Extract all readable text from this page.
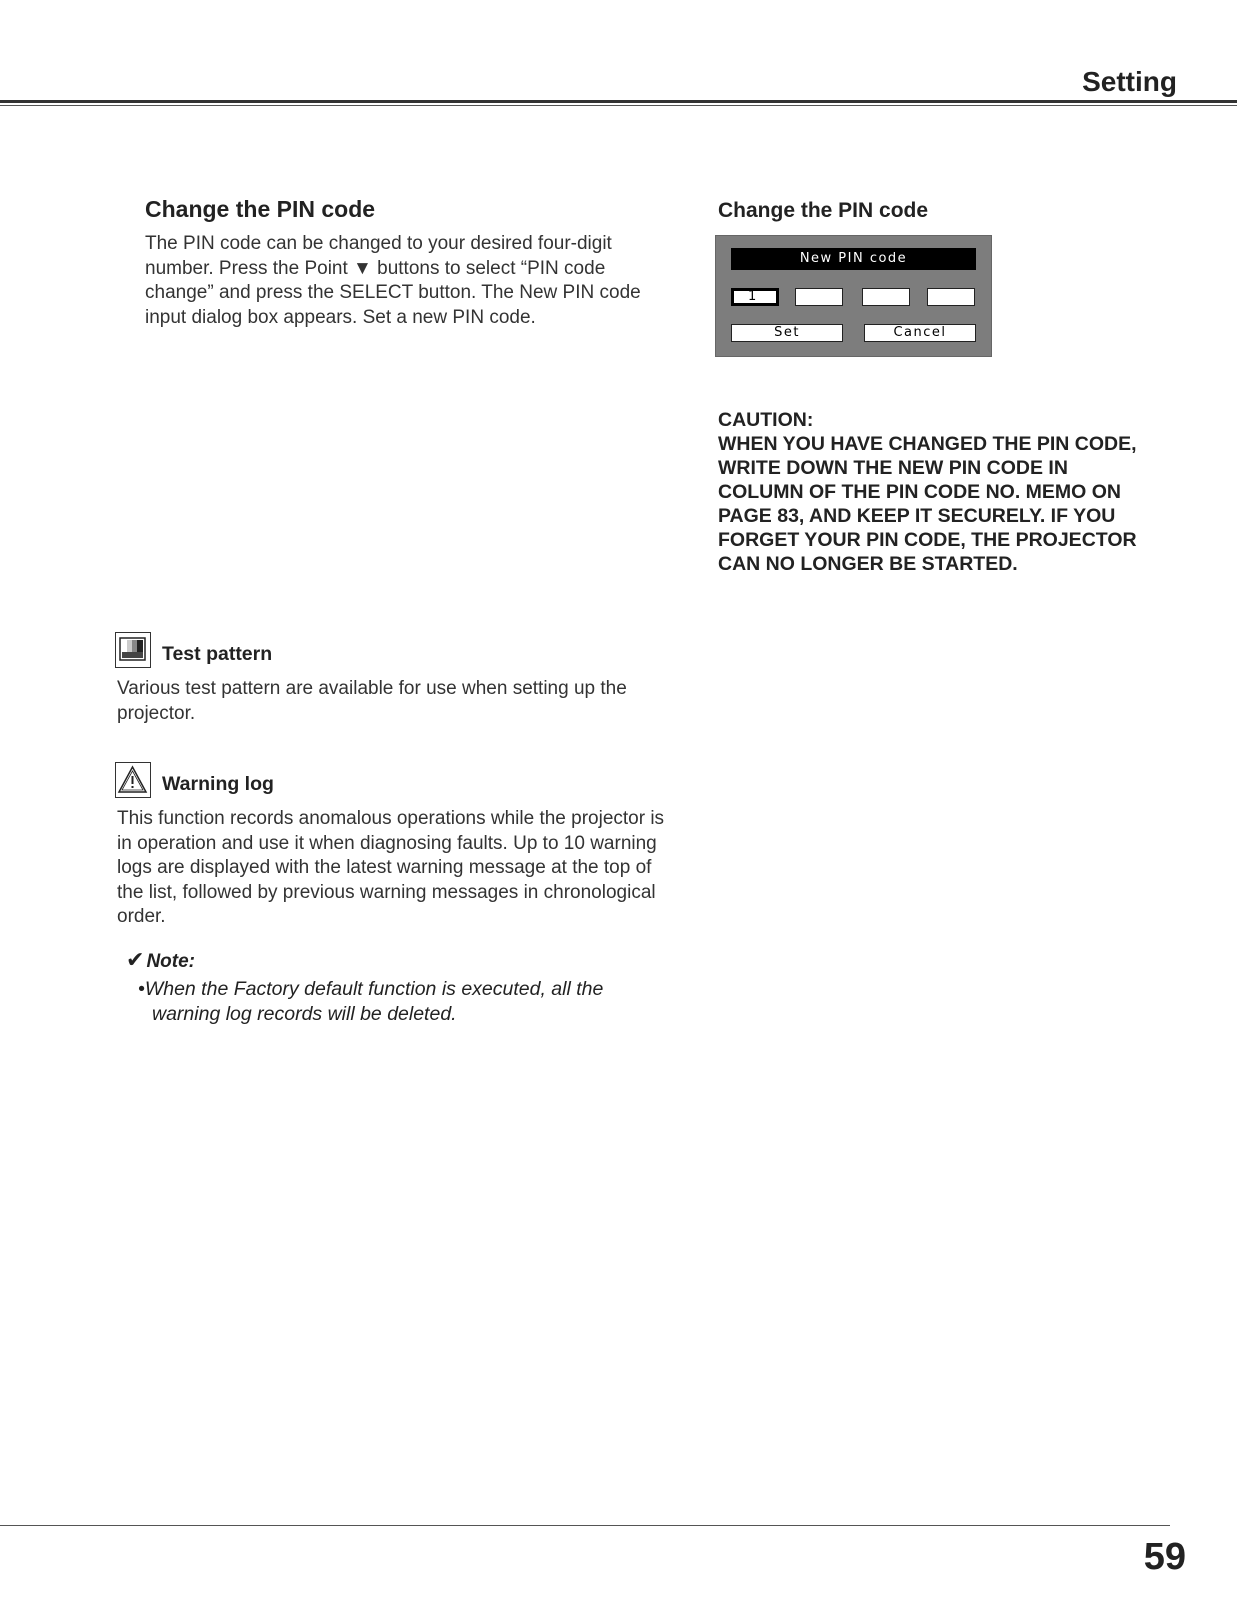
Setting
Change the PIN code
The PIN code can be changed to your desired four-digit number. Press the Point ▼ buttons to select “PIN code change” and press the SELECT button. The New PIN code input dialog box appears. Set a new PIN code.
Change the PIN code
New PIN code
1
Set	Cancel
CAUTION:
WHEN YOU HAVE CHANGED THE PIN CODE, WRITE DOWN THE NEW PIN CODE IN COLUMN OF THE PIN CODE NO. MEMO ON PAGE 83, AND KEEP IT SECURELY. IF YOU FORGET YOUR PIN CODE, THE PROJECTOR CAN NO LONGER BE STARTED.
Test pattern
Various test pattern are available for use when setting up the projector.
Warning log
This function records anomalous operations while the projector is in operation and use it when diagnosing faults. Up to 10 warning logs are displayed with the latest warning message at the top of the list, followed by previous warning messages in chronological order.
✔ Note:
•When the Factory default function is executed, all the warning log records will be deleted.
59
